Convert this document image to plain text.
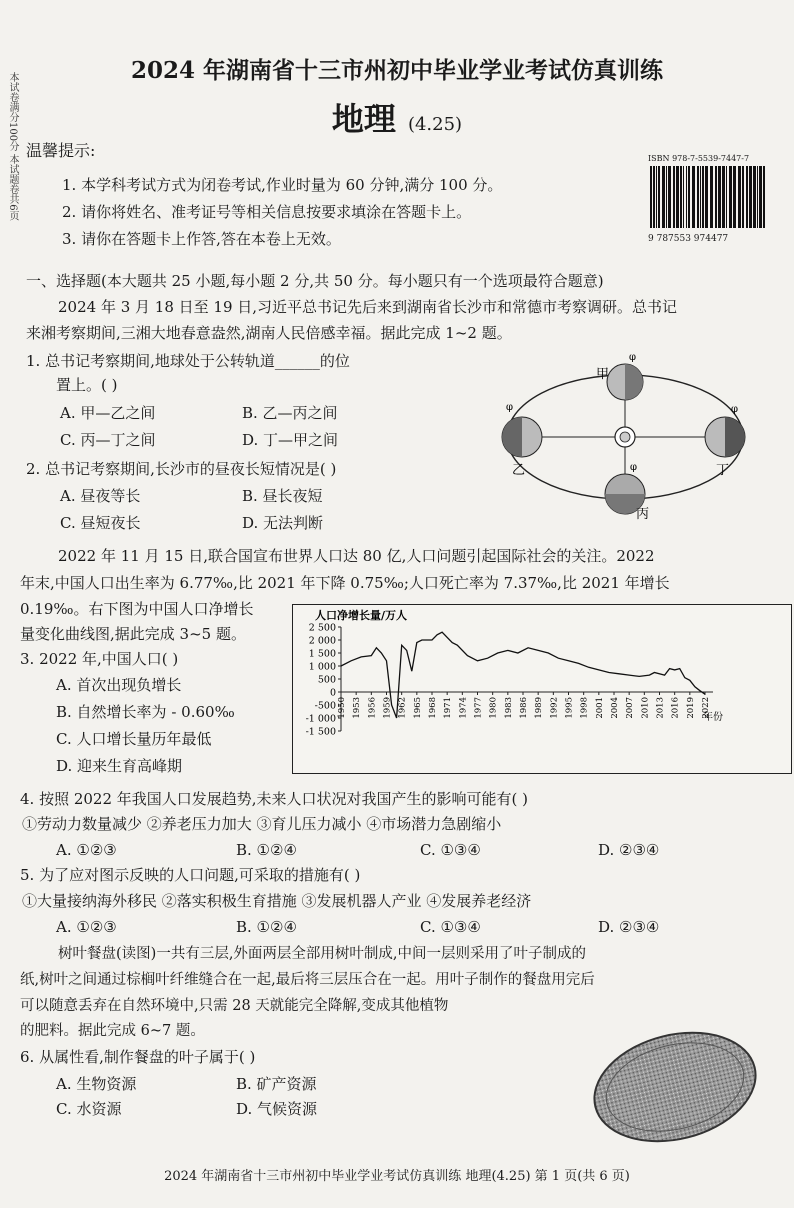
本试卷满分100分 本试题卷共6页
2024 年湖南省十三市州初中毕业学业考试仿真训练
地理 (4.25)
ISBN 978-7-5539-7447-7
9 787553 974477
温馨提示:
1. 本学科考试方式为闭卷考试,作业时量为 60 分钟,满分 100 分。
2. 请你将姓名、准考证号等相关信息按要求填涂在答题卡上。
3. 请你在答题卡上作答,答在本卷上无效。
一、选择题(本大题共 25 小题,每小题 2 分,共 50 分。每小题只有一个选项最符合题意)
2024 年 3 月 18 日至 19 日,习近平总书记先后来到湖南省长沙市和常德市考察调研。总书记
来湘考察期间,三湘大地春意盎然,湖南人民倍感幸福。据此完成 1~2 题。
1. 总书记考察期间,地球处于公转轨道______的位
置上。( )
A. 甲—乙之间	B. 乙—丙之间
C. 丙—丁之间	D. 丁—甲之间
2. 总书记考察期间,长沙市的昼夜长短情况是( )
A. 昼夜等长	B. 昼长夜短
C. 昼短夜长	D. 无法判断
甲
乙
丙
丁
φ
φ
φ
φ
2022 年 11 月 15 日,联合国宣布世界人口达 80 亿,人口问题引起国际社会的关注。2022
年末,中国人口出生率为 6.77‰,比 2021 年下降 0.75‰;人口死亡率为 7.37‰,比 2021 年增长
0.19‰。右下图为中国人口净增长
量变化曲线图,据此完成 3~5 题。
3. 2022 年,中国人口( )
A. 首次出现负增长
B. 自然增长率为 - 0.60‰
C. 人口增长量历年最低
D. 迎来生育高峰期
人口净增长量/万人
年份
2 500
2 000
1 500
1 000
500
0
-500
-1 000
-1 500
1950 1953 1956 1959 1962 1965 1968 1971 1974 1977 1980 1983 1986 1989 1992 1995 1998 2001 2004 2007 2010 2013 2016 2019 2022
4. 按照 2022 年我国人口发展趋势,未来人口状况对我国产生的影响可能有( )
①劳动力数量减少 ②养老压力加大 ③育儿压力减小 ④市场潜力急剧缩小
A. ①②③	B. ①②④	C. ①③④	D. ②③④
5. 为了应对图示反映的人口问题,可采取的措施有( )
①大量接纳海外移民 ②落实积极生育措施 ③发展机器人产业 ④发展养老经济
A. ①②③	B. ①②④	C. ①③④	D. ②③④
树叶餐盘(读图)一共有三层,外面两层全部用树叶制成,中间一层则采用了叶子制成的
纸,树叶之间通过棕榈叶纤维缝合在一起,最后将三层压合在一起。用叶子制作的餐盘用完后
可以随意丢弃在自然环境中,只需 28 天就能完全降解,变成其他植物
的肥料。据此完成 6~7 题。
6. 从属性看,制作餐盘的叶子属于( )
A. 生物资源	B. 矿产资源
C. 水资源	D. 气候资源
2024 年湖南省十三市州初中毕业学业考试仿真训练 地理(4.25) 第 1 页(共 6 页)
